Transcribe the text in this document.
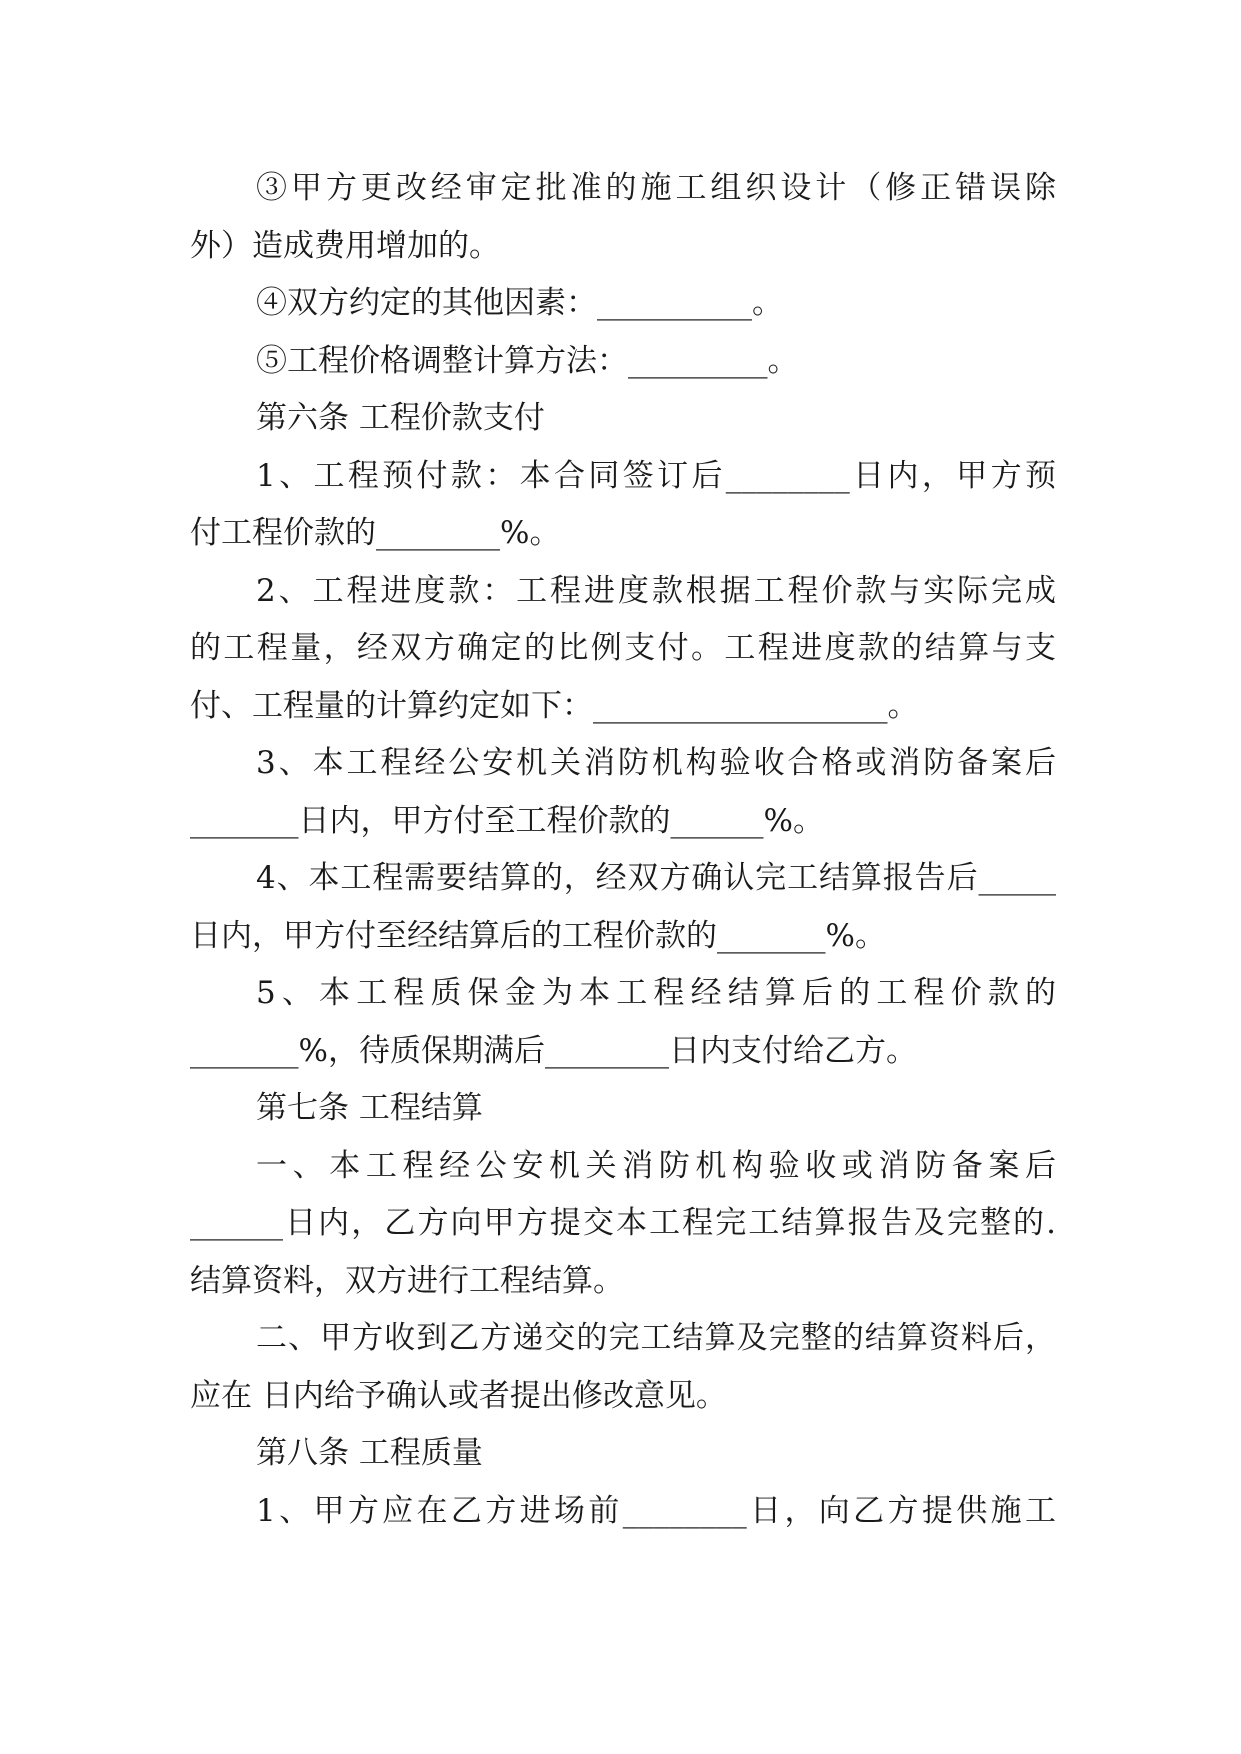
③甲方更改经审定批准的施工组织设计（修正错误除
外）造成费用增加的。
④双方约定的其他因素：__________。
⑤工程价格调整计算方法：_________。
第六条 工程价款支付
1、工程预付款：本合同签订后________日内，甲方预
付工程价款的________%。
2、工程进度款：工程进度款根据工程价款与实际完成
的工程量，经双方确定的比例支付。工程进度款的结算与支
付、工程量的计算约定如下：___________________。
3、本工程经公安机关消防机构验收合格或消防备案后
_______日内，甲方付至工程价款的______%。
4、本工程需要结算的，经双方确认完工结算报告后_____
日内，甲方付至经结算后的工程价款的_______%。
5、本工程质保金为本工程经结算后的工程价款的
_______%，待质保期满后________日内支付给乙方。
第七条 工程结算
一、本工程经公安机关消防机构验收或消防备案后
______日内，乙方向甲方提交本工程完工结算报告及完整的.
结算资料，双方进行工程结算。
二、甲方收到乙方递交的完工结算及完整的结算资料后，
应在 日内给予确认或者提出修改意见。
第八条 工程质量
1、甲方应在乙方进场前________日，向乙方提供施工
